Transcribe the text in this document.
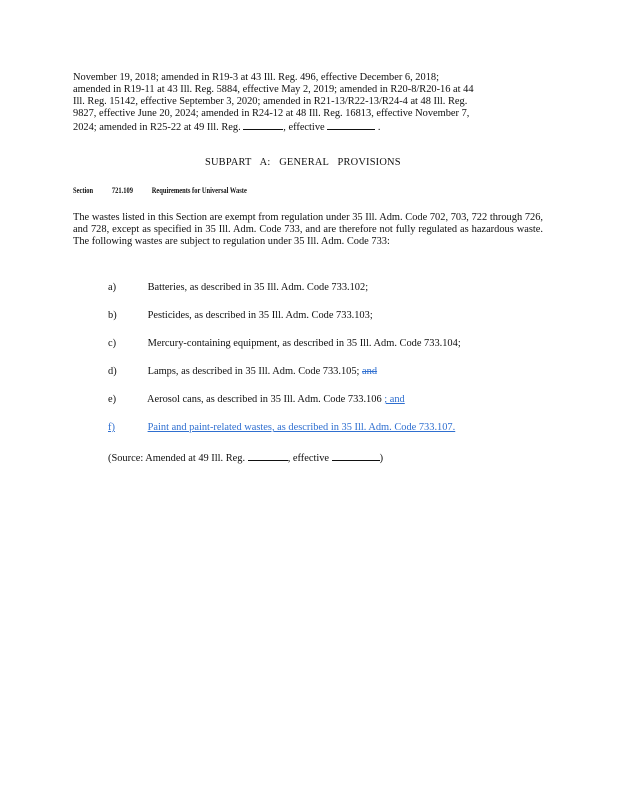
November 19, 2018; amended in R19-3 at 43 Ill. Reg. 496, effective December 6, 2018;
amended in R19-11 at 43 Ill. Reg. 5884, effective May 2, 2019; amended in R20-8/R20-16 at 44
Ill. Reg. 15142, effective September 3, 2020; amended in R21-13/R22-13/R24-4 at 48 Ill. Reg.
9827, effective June 20, 2024; amended in R24-12 at 48 Ill. Reg. 16813, effective November 7,
2024; amended in R25-22 at 49 Ill. Reg.	, effective	.
SUBPART A: GENERAL PROVISIONS
Section 721.109 Requirements for Universal Waste
The wastes listed in this Section are exempt from regulation under 35 Ill. Adm. Code 702, 703, 722 through 726, and 728, except as specified in 35 Ill. Adm. Code 733, and are therefore not fully regulated as hazardous waste. The following wastes are subject to regulation under 35 Ill. Adm. Code 733:
a)	Batteries, as described in 35 Ill. Adm. Code 733.102;
b)	Pesticides, as described in 35 Ill. Adm. Code 733.103;
c)	Mercury-containing equipment, as described in 35 Ill. Adm. Code 733.104;
d)	Lamps, as described in 35 Ill. Adm. Code 733.105; and
e)	Aerosol cans, as described in 35 Ill. Adm. Code 733.106 ; and
f)	Paint and paint-related wastes, as described in 35 Ill. Adm. Code 733.107.
(Source: Amended at 49 Ill. Reg.	, effective	)
